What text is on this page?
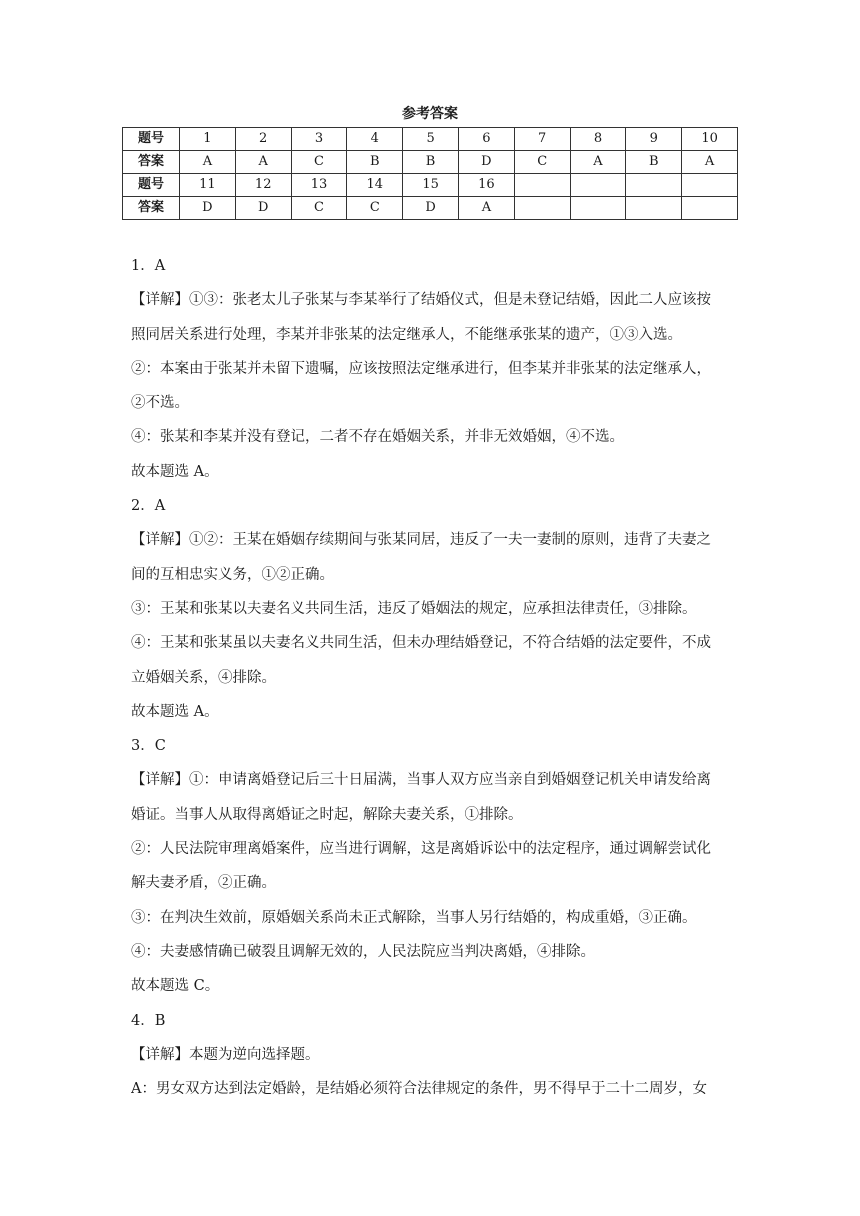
参考答案
题号	1	2	3	4	5	6	7	8	9	10
答案	A	A	C	B	B	D	C	A	B	A
题号	11	12	13	14	15	16				
答案	D	D	C	C	D	A				
1．A
【详解】①③：张老太儿子张某与李某举行了结婚仪式，但是未登记结婚，因此二人应该按
照同居关系进行处理，李某并非张某的法定继承人，不能继承张某的遗产，①③入选。
②：本案由于张某并未留下遗嘱，应该按照法定继承进行，但李某并非张某的法定继承人，
②不选。
④：张某和李某并没有登记，二者不存在婚姻关系，并非无效婚姻，④不选。
故本题选 A。
2．A
【详解】①②：王某在婚姻存续期间与张某同居，违反了一夫一妻制的原则，违背了夫妻之
间的互相忠实义务，①②正确。
③：王某和张某以夫妻名义共同生活，违反了婚姻法的规定，应承担法律责任，③排除。
④：王某和张某虽以夫妻名义共同生活，但未办理结婚登记，不符合结婚的法定要件，不成
立婚姻关系，④排除。
故本题选 A。
3．C
【详解】①：申请离婚登记后三十日届满，当事人双方应当亲自到婚姻登记机关申请发给离
婚证。当事人从取得离婚证之时起，解除夫妻关系，①排除。
②：人民法院审理离婚案件，应当进行调解，这是离婚诉讼中的法定程序，通过调解尝试化
解夫妻矛盾，②正确。
③：在判决生效前，原婚姻关系尚未正式解除，当事人另行结婚的，构成重婚，③正确。
④：夫妻感情确已破裂且调解无效的，人民法院应当判决离婚，④排除。
故本题选 C。
4．B
【详解】本题为逆向选择题。
A：男女双方达到法定婚龄，是结婚必须符合法律规定的条件，男不得早于二十二周岁，女
